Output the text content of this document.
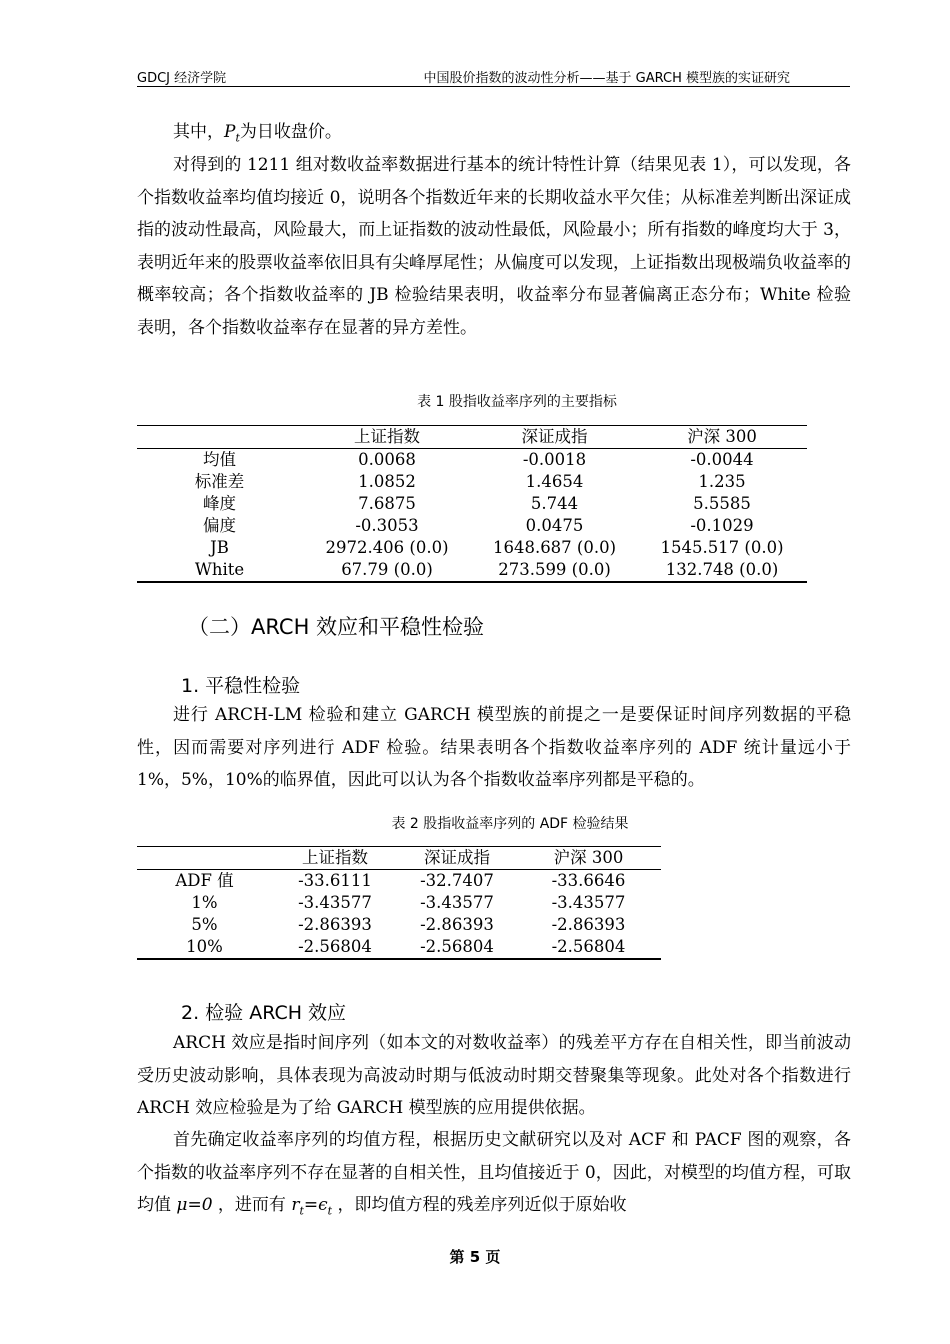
GDCJ 经济学院	中国股价指数的波动性分析——基于 GARCH 模型族的实证研究

其中，$P_t$为日收盘价。

对得到的 1211 组对数收益率数据进行基本的统计特性计算（结果见表 1），可以发现，各个指数收益率均值均接近 0，说明各个指数近年来的长期收益水平欠佳；从标准差判断出深证成指的波动性最高，风险最大，而上证指数的波动性最低，风险最小；所有指数的峰度均大于 3，表明近年来的股票收益率依旧具有尖峰厚尾性；从偏度可以发现，上证指数出现极端负收益率的概率较高；各个指数收益率的 JB 检验结果表明，收益率分布显著偏离正态分布；White 检验表明，各个指数收益率存在显著的异方差性。

表 1 股指收益率序列的主要指标
	上证指数	深证成指	沪深 300
均值	0.0068	-0.0018	-0.0044
标准差	1.0852	1.4654	1.235
峰度	7.6875	5.744	5.5585
偏度	-0.3053	0.0475	-0.1029
JB	2972.406 (0.0)	1648.687 (0.0)	1545.517 (0.0)
White	67.79 (0.0)	273.599 (0.0)	132.748 (0.0)
（二）ARCH 效应和平稳性检验
1. 平稳性检验

进行 ARCH-LM 检验和建立 GARCH 模型族的前提之一是要保证时间序列数据的平稳性，因而需要对序列进行 ADF 检验。结果表明各个指数收益率序列的 ADF 统计量远小于 1%，5%，10%的临界值，因此可以认为各个指数收益率序列都是平稳的。

表 2 股指收益率序列的 ADF 检验结果
	上证指数	深证成指	沪深 300
ADF 值	-33.6111	-32.7407	-33.6646
1%	-3.43577	-3.43577	-3.43577
5%	-2.86393	-2.86393	-2.86393
10%	-2.56804	-2.56804	-2.56804
2. 检验 ARCH 效应

ARCH 效应是指时间序列（如本文的对数收益率）的残差平方存在自相关性，即当前波动受历史波动影响，具体表现为高波动时期与低波动时期交替聚集等现象。此处对各个指数进行 ARCH 效应检验是为了给 GARCH 模型族的应用提供依据。

首先确定收益率序列的均值方程，根据历史文献研究以及对 ACF 和 PACF 图的观察，各个指数的收益率序列不存在显著的自相关性，且均值接近于 0，因此，对模型的均值方程，可取均值 μ=0 ，进而有 $r_t=\epsilon_t$ ，即均值方程的残差序列近似于原始收

第 5 页
